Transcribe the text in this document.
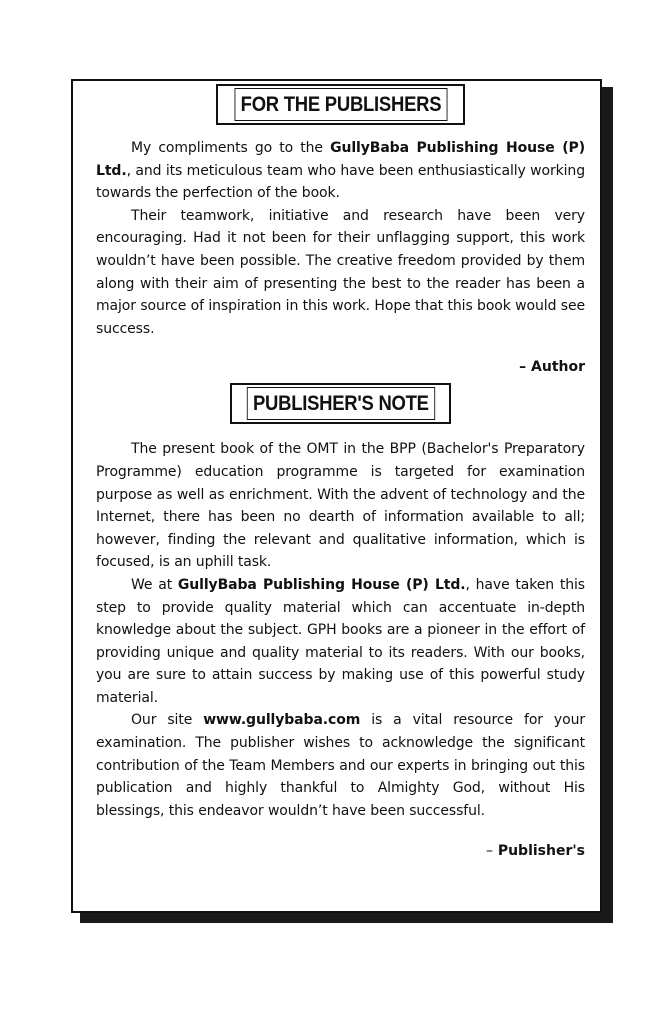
FOR THE PUBLISHERS

My compliments go to the GullyBaba Publishing House (P) Ltd., and its meticulous team who have been enthusiastically working towards the perfection of the book.

Their teamwork, initiative and research have been very encouraging. Had it not been for their unflagging support, this work wouldn’t have been possible. The creative freedom provided by them along with their aim of presenting the best to the reader has been a major source of inspiration in this work. Hope that this book would see success.

– Author
PUBLISHER'S NOTE

The present book of the OMT in the BPP (Bachelor's Preparatory Programme) education programme is targeted for examination purpose as well as enrichment. With the advent of technology and the Internet, there has been no dearth of information available to all; however, finding the relevant and qualitative information, which is focused, is an uphill task.

We at GullyBaba Publishing House (P) Ltd., have taken this step to provide quality material which can accentuate in-depth knowledge about the subject. GPH books are a pioneer in the effort of providing unique and quality material to its readers. With our books, you are sure to attain success by making use of this powerful study material.

Our site www.gullybaba.com is a vital resource for your examination. The publisher wishes to acknowledge the significant contribution of the Team Members and our experts in bringing out this publication and highly thankful to Almighty God, without His blessings, this endeavor wouldn’t have been successful.

– Publisher's
